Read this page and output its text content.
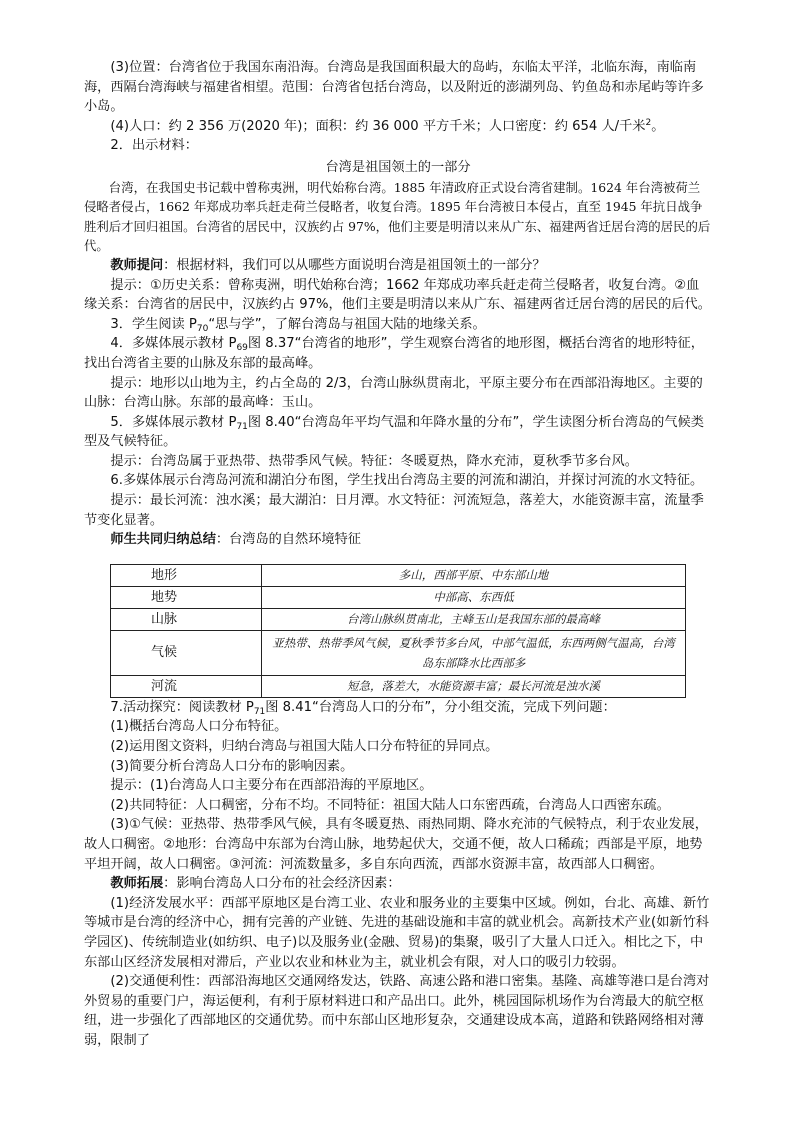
(3)位置：台湾省位于我国东南沿海。台湾岛是我国面积最大的岛屿，东临太平洋，北临东海，南临南海，西隔台湾海峡与福建省相望。范围：台湾省包括台湾岛，以及附近的澎湖列岛、钓鱼岛和赤尾屿等许多小岛。

(4)人口：约 2 356 万(2020 年)；面积：约 36 000 平方千米；人口密度：约 654 人/千米$^2$。

2．出示材料：

台湾是祖国领土的一部分

台湾，在我国史书记载中曾称夷洲，明代始称台湾。1885 年清政府正式设台湾省建制。1624 年台湾被荷兰侵略者侵占，1662 年郑成功率兵赶走荷兰侵略者，收复台湾。1895 年台湾被日本侵占，直至 1945 年抗日战争胜利后才回归祖国。台湾省的居民中，汉族约占 97%，他们主要是明清以来从广东、福建两省迁居台湾的居民的后代。

教师提问：根据材料，我们可以从哪些方面说明台湾是祖国领土的一部分？

提示：①历史关系：曾称夷洲，明代始称台湾；1662 年郑成功率兵赶走荷兰侵略者，收复台湾。②血缘关系：台湾省的居民中，汉族约占 97%，他们主要是明清以来从广东、福建两省迁居台湾的居民的后代。

3．学生阅读 $P_{70}“$思与学”，了解台湾岛与祖国大陆的地缘关系。

4．多媒体展示教材 $P_{69}$图 8.37“台湾省的地形”，学生观察台湾省的地形图，概括台湾省的地形特征，找出台湾省主要的山脉及东部的最高峰。

提示：地形以山地为主，约占全岛的 2/3，台湾山脉纵贯南北，平原主要分布在西部沿海地区。主要的山脉：台湾山脉。东部的最高峰：玉山。

5．多媒体展示教材 $P_{71}$图 8.40“台湾岛年平均气温和年降水量的分布”，学生读图分析台湾岛的气候类型及气候特征。

提示：台湾岛属于亚热带、热带季风气候。特征：冬暖夏热，降水充沛，夏秋季节多台风。

6.多媒体展示台湾岛河流和湖泊分布图，学生找出台湾岛主要的河流和湖泊，并探讨河流的水文特征。

提示：最长河流：浊水溪；最大湖泊：日月潭。水文特征：河流短急，落差大，水能资源丰富，流量季节变化显著。

师生共同归纳总结：台湾岛的自然环境特征

地形	多山，西部平原、中东部山地
地势	中部高、东西低
山脉	台湾山脉纵贯南北，主峰玉山是我国东部的最高峰
气候	亚热带、热带季风气候，夏秋季节多台风，中部气温低，东西两侧气温高，台湾岛东部降水比西部多
河流	短急，落差大，水能资源丰富；最长河流是浊水溪

7.活动探究：阅读教材 $P_{71}$图 8.41“台湾岛人口的分布”，分小组交流，完成下列问题：

(1)概括台湾岛人口分布特征。

(2)运用图文资料，归纳台湾岛与祖国大陆人口分布特征的异同点。

(3)简要分析台湾岛人口分布的影响因素。

提示：(1)台湾岛人口主要分布在西部沿海的平原地区。

(2)共同特征：人口稠密，分布不均。不同特征：祖国大陆人口东密西疏，台湾岛人口西密东疏。

(3)①气候：亚热带、热带季风气候，具有冬暖夏热、雨热同期、降水充沛的气候特点，利于农业发展，故人口稠密。②地形：台湾岛中东部为台湾山脉，地势起伏大，交通不便，故人口稀疏；西部是平原，地势平坦开阔，故人口稠密。③河流：河流数量多，多自东向西流，西部水资源丰富，故西部人口稠密。

教师拓展：影响台湾岛人口分布的社会经济因素：

(1)经济发展水平：西部平原地区是台湾工业、农业和服务业的主要集中区域。例如，台北、高雄、新竹等城市是台湾的经济中心，拥有完善的产业链、先进的基础设施和丰富的就业机会。高新技术产业(如新竹科学园区)、传统制造业(如纺织、电子)以及服务业(金融、贸易)的集聚，吸引了大量人口迁入。相比之下，中东部山区经济发展相对滞后，产业以农业和林业为主，就业机会有限，对人口的吸引力较弱。

(2)交通便利性：西部沿海地区交通网络发达，铁路、高速公路和港口密集。基隆、高雄等港口是台湾对外贸易的重要门户，海运便利，有利于原材料进口和产品出口。此外，桃园国际机场作为台湾最大的航空枢纽，进一步强化了西部地区的交通优势。而中东部山区地形复杂，交通建设成本高，道路和铁路网络相对薄弱，限制了
